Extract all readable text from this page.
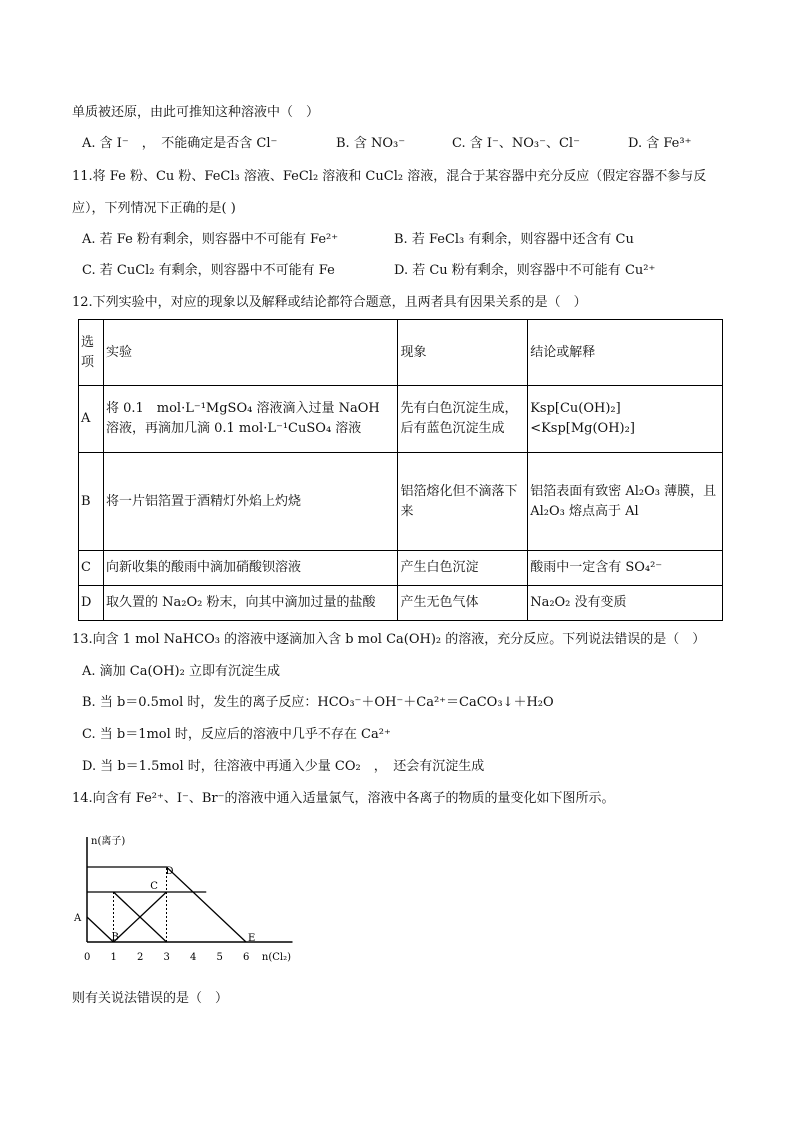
单质被还原，由此可推知这种溶液中（　）
A. 含 I⁻　，　不能确定是否含 Cl⁻	B. 含 NO₃⁻	C. 含 I⁻、NO₃⁻、Cl⁻	D. 含 Fe³⁺
11.将 Fe 粉、Cu 粉、FeCl₃ 溶液、FeCl₂ 溶液和 CuCl₂ 溶液，混合于某容器中充分反应（假定容器不参与反
应），下列情况下正确的是( )
A. 若 Fe 粉有剩余，则容器中不可能有 Fe²⁺	B. 若 FeCl₃ 有剩余，则容器中还含有 Cu
C. 若 CuCl₂ 有剩余，则容器中不可能有 Fe	D. 若 Cu 粉有剩余，则容器中不可能有 Cu²⁺
12.下列实验中，对应的现象以及解释或结论都符合题意，且两者具有因果关系的是（　）
选项	实验	现象	结论或解释
A	将 0.1　mol·L⁻¹MgSO₄ 溶液滴入过量 NaOH 溶液，再滴加几滴 0.1 mol·L⁻¹CuSO₄ 溶液	先有白色沉淀生成，后有蓝色沉淀生成	Ksp[Cu(OH)₂]<Ksp[Mg(OH)₂]
B	将一片铝箔置于酒精灯外焰上灼烧	铝箔熔化但不滴落下来	铝箔表面有致密 Al₂O₃ 薄膜，且 Al₂O₃ 熔点高于 Al
C	向新收集的酸雨中滴加硝酸钡溶液	产生白色沉淀	酸雨中一定含有 SO₄²⁻
D	取久置的 Na₂O₂ 粉末，向其中滴加过量的盐酸	产生无色气体	Na₂O₂ 没有变质
13.向含 1 mol NaHCO₃ 的溶液中逐滴加入含 b mol Ca(OH)₂ 的溶液，充分反应。下列说法错误的是（　）
A. 滴加 Ca(OH)₂ 立即有沉淀生成
B. 当 b＝0.5mol 时，发生的离子反应：HCO₃⁻＋OH⁻＋Ca²⁺＝CaCO₃↓＋H₂O
C. 当 b＝1mol 时，反应后的溶液中几乎不存在 Ca²⁺
D. 当 b＝1.5mol 时，往溶液中再通入少量 CO₂　，　还会有沉淀生成
14.向含有 Fe²⁺、I⁻、Br⁻的溶液中通入适量氯气，溶液中各离子的物质的量变化如下图所示。
n(离子)
n(Cl₂)
0 1 2 3 4 5 6
A
B
C
D
E
则有关说法错误的是（　）
